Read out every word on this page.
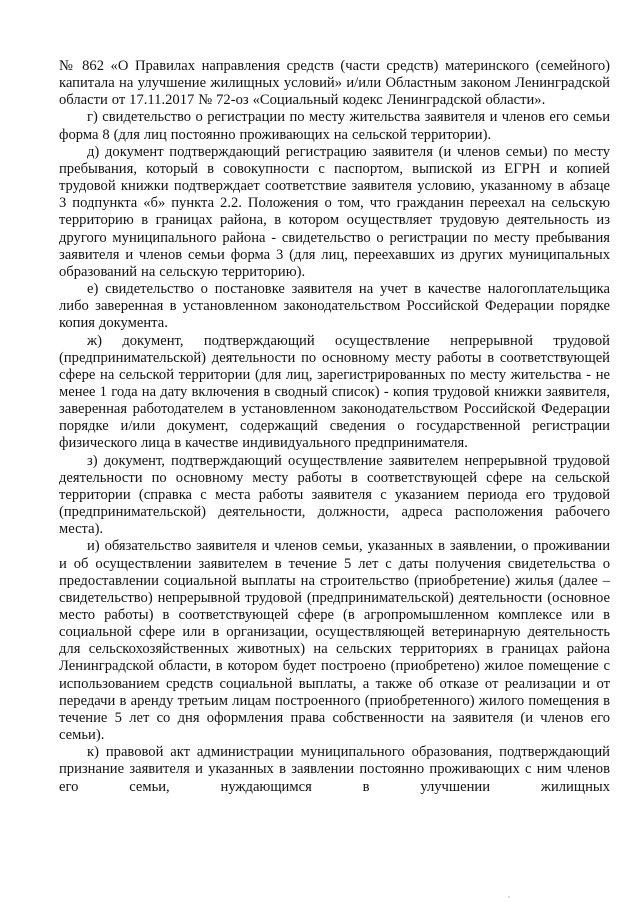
№ 862 «О Правилах направления средств (части средств) материнского (семейного) капитала на улучшение жилищных условий» и/или Областным законом Ленинградской области от 17.11.2017 № 72-оз «Социальный кодекс Ленинградской области».

г) свидетельство о регистрации по месту жительства заявителя и членов его семьи форма 8 (для лиц постоянно проживающих на сельской территории).

д) документ подтверждающий регистрацию заявителя (и членов семьи) по месту пребывания, который в совокупности с паспортом, выпиской из ЕГРН и копией трудовой книжки подтверждает соответствие заявителя условию, указанному в абзаце 3 подпункта «б» пункта 2.2. Положения о том, что гражданин переехал на сельскую территорию в границах района, в котором осуществляет трудовую деятельность из другого муниципального района - свидетельство о регистрации по месту пребывания заявителя и членов семьи форма 3 (для лиц, переехавших из других муниципальных образований на сельскую территорию).

е) свидетельство о постановке заявителя на учет в качестве налогоплательщика либо заверенная в установленном законодательством Российской Федерации порядке копия документа.

ж) документ, подтверждающий осуществление непрерывной трудовой (предпринимательской) деятельности по основному месту работы в соответствующей сфере на сельской территории (для лиц, зарегистрированных по месту жительства - не менее 1 года на дату включения в сводный список) - копия трудовой книжки заявителя, заверенная работодателем в установленном законодательством Российской Федерации порядке и/или документ, содержащий сведения о государственной регистрации физического лица в качестве индивидуального предпринимателя.

з) документ, подтверждающий осуществление заявителем непрерывной трудовой деятельности по основному месту работы в соответствующей сфере на сельской территории (справка с места работы заявителя с указанием периода его трудовой (предпринимательской) деятельности, должности, адреса расположения рабочего места).

и) обязательство заявителя и членов семьи, указанных в заявлении, о проживании и об осуществлении заявителем в течение 5 лет с даты получения свидетельства о предоставлении социальной выплаты на строительство (приобретение) жилья (далее – свидетельство) непрерывной трудовой (предпринимательской) деятельности (основное место работы) в соответствующей сфере (в агропромышленном комплексе или в социальной сфере или в организации, осуществляющей ветеринарную деятельность для сельскохозяйственных животных) на сельских территориях в границах района Ленинградской области, в котором будет построено (приобретено) жилое помещение с использованием средств социальной выплаты, а также об отказе от реализации и от передачи в аренду третьим лицам построенного (приобретенного) жилого помещения в течение 5 лет со дня оформления права собственности на заявителя (и членов его семьи).

к) правовой акт администрации муниципального образования, подтверждающий признание заявителя и указанных в заявлении постоянно проживающих с ним членов его семьи, нуждающимся в улучшении жилищных
